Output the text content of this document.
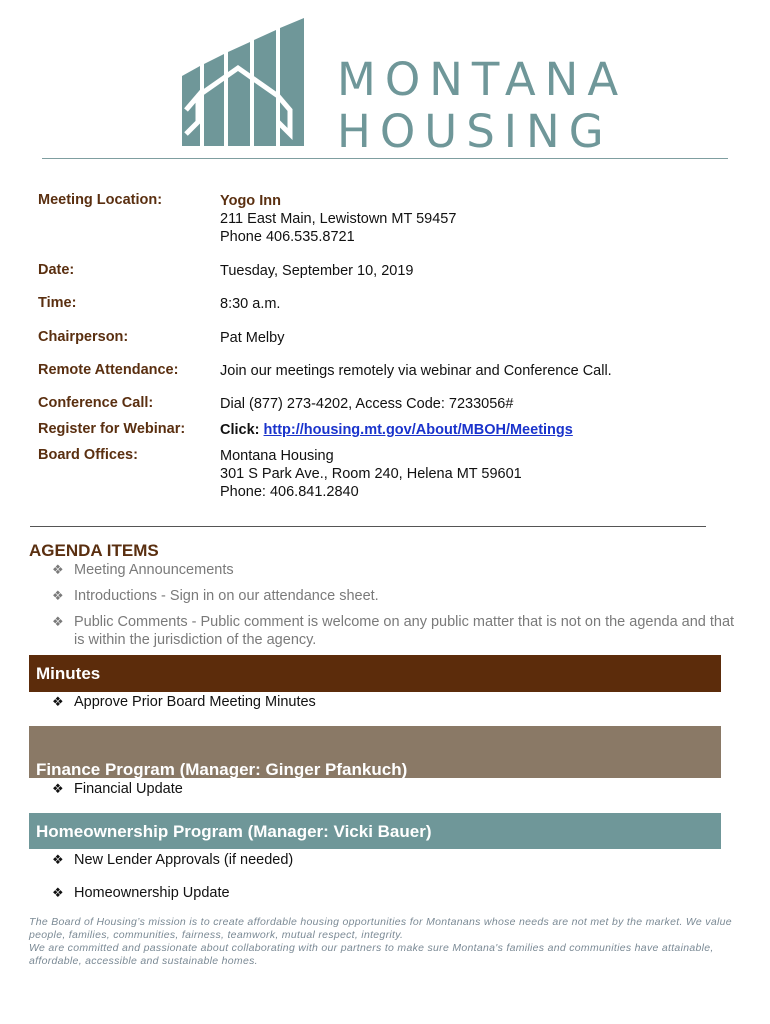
MONTANA
HOUSING
Meeting Location:	Yogo Inn
211 East Main, Lewistown MT 59457
Phone 406.535.8721
Date:	Tuesday, September 10, 2019
Time:	8:30 a.m.
Chairperson:	Pat Melby
Remote Attendance:	Join our meetings remotely via webinar and Conference Call.
Conference Call:	Dial (877) 273-4202, Access Code: 7233056#
Register for Webinar: Click: http://housing.mt.gov/About/MBOH/Meetings
Board Offices:	Montana Housing
301 S Park Ave., Room 240, Helena MT 59601
Phone: 406.841.2840
AGENDA ITEMS
❖ Meeting Announcements
❖ Introductions - Sign in on our attendance sheet.
❖ Public Comments - Public comment is welcome on any public matter that is not on the agenda and that is within the jurisdiction of the agency.
Minutes
❖ Approve Prior Board Meeting Minutes
Finance Program (Manager: Ginger Pfankuch)
❖ Financial Update
Homeownership Program (Manager: Vicki Bauer)
❖ New Lender Approvals (if needed)
❖ Homeownership Update
The Board of Housing’s mission is to create affordable housing opportunities for Montanans whose needs are not met by the market. We value people, families, communities, fairness, teamwork, mutual respect, integrity.
We are committed and passionate about collaborating with our partners to make sure Montana's families and communities have attainable, affordable, accessible and sustainable homes.
